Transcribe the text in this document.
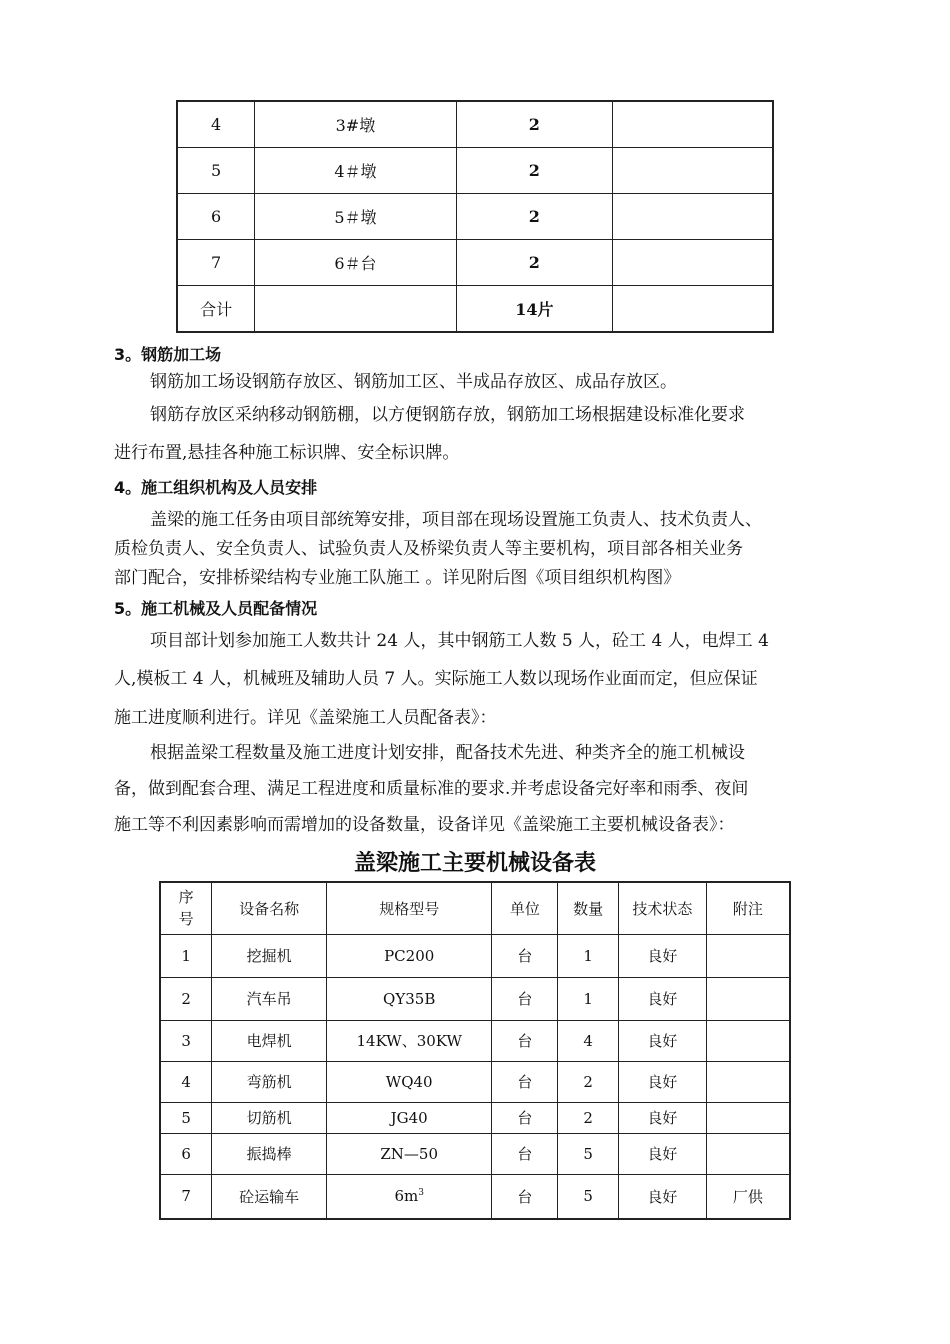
4	3#墩	2	
5	4＃墩	2	
6	5＃墩	2	
7	6＃台	2	
合计		14片	
3。钢筋加工场
钢筋加工场设钢筋存放区、钢筋加工区、半成品存放区、成品存放区。
钢筋存放区采纳移动钢筋棚，以方便钢筋存放，钢筋加工场根据建设标准化要求
进行布置,悬挂各种施工标识牌、安全标识牌。
4。施工组织机构及人员安排
盖梁的施工任务由项目部统筹安排，项目部在现场设置施工负责人、技术负责人、
质检负责人、安全负责人、试验负责人及桥梁负责人等主要机构，项目部各相关业务
部门配合，安排桥梁结构专业施工队施工 。详见附后图《项目组织机构图》
5。施工机械及人员配备情况
项目部计划参加施工人数共计 24 人，其中钢筋工人数 5 人，砼工 4 人，电焊工 4
人,模板工 4 人，机械班及辅助人员 7 人。实际施工人数以现场作业面而定，但应保证
施工进度顺利进行。详见《盖梁施工人员配备表》：
根据盖梁工程数量及施工进度计划安排，配备技术先进、种类齐全的施工机械设
备，做到配套合理、满足工程进度和质量标准的要求.并考虑设备完好率和雨季、夜间
施工等不利因素影响而需增加的设备数量，设备详见《盖梁施工主要机械设备表》：
盖梁施工主要机械设备表
序号	设备名称	规格型号	单位	数量	技术状态	附注
1	挖掘机	PC200	台	1	良好	
2	汽车吊	QY35B	台	1	良好	
3	电焊机	14KW、30KW	台	4	良好	
4	弯筋机	WQ40	台	2	良好	
5	切筋机	JG40	台	2	良好	
6	振捣棒	ZN—50	台	5	良好	
7	砼运输车	$6m^3$	台	5	良好	厂供
